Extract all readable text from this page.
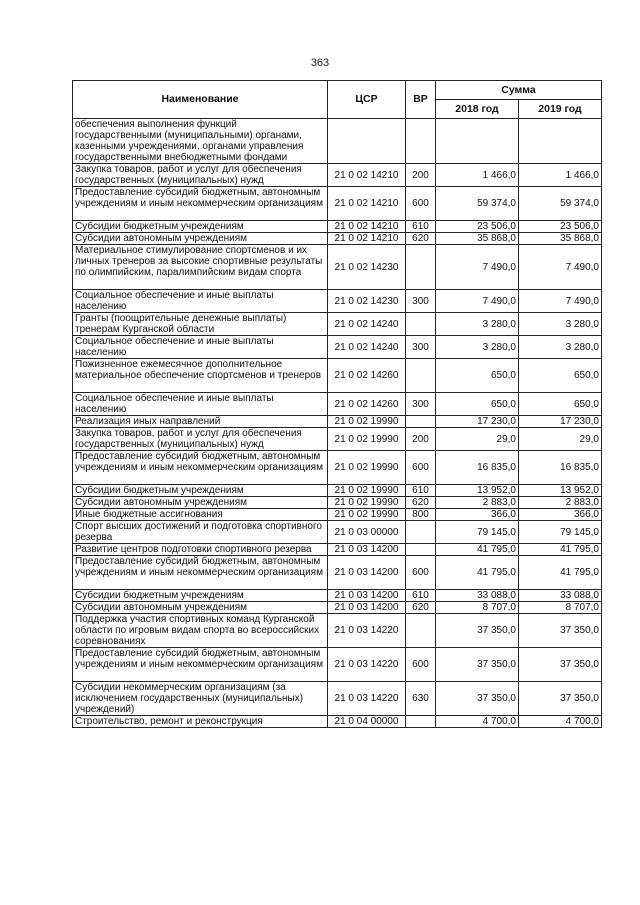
363
Наименование	ЦСР	ВР	Сумма	
			2018 год	2019 год
обеспечения выполнения функций государственными (муниципальными) органами, казенными учреждениями, органами управления государственными внебюджетными фондами				
Закупка товаров, работ и услуг для обеспечения государственных (муниципальных) нужд	21 0 02 14210	200	1 466,0	1 466,0
Предоставление субсидий бюджетным, автономным учреждениям и иным некоммерческим организациям	21 0 02 14210	600	59 374,0	59 374,0
Субсидии бюджетным учреждениям	21 0 02 14210	610	23 506,0	23 506,0
Субсидии автономным учреждениям	21 0 02 14210	620	35 868,0	35 868,0
Материальное стимулирование спортсменов и их личных тренеров за высокие спортивные результаты по олимпийским, паралимпийским видам спорта	21 0 02 14230		7 490,0	7 490,0
Социальное обеспечение и иные выплаты населению	21 0 02 14230	300	7 490,0	7 490,0
Гранты (поощрительные денежные выплаты) тренерам Курганской области	21 0 02 14240		3 280,0	3 280,0
Социальное обеспечение и иные выплаты населению	21 0 02 14240	300	3 280,0	3 280,0
Пожизненное ежемесячное дополнительное материальное обеспечение спортсменов и тренеров	21 0 02 14260		650,0	650,0
Социальное обеспечение и иные выплаты населению	21 0 02 14260	300	650,0	650,0
Реализация иных направлений	21 0 02 19990		17 230,0	17 230,0
Закупка товаров, работ и услуг для обеспечения государственных (муниципальных) нужд	21 0 02 19990	200	29,0	29,0
Предоставление субсидий бюджетным, автономным учреждениям и иным некоммерческим организациям	21 0 02 19990	600	16 835,0	16 835,0
Субсидии бюджетным учреждениям	21 0 02 19990	610	13 952,0	13 952,0
Субсидии автономным учреждениям	21 0 02 19990	620	2 883,0	2 883,0
Иные бюджетные ассигнования	21 0 02 19990	800	366,0	366,0
Спорт высших достижений и подготовка спортивного резерва	21 0 03 00000		79 145,0	79 145,0
Развитие центров подготовки спортивного резерва	21 0 03 14200		41 795,0	41 795,0
Предоставление субсидий бюджетным, автономным учреждениям и иным некоммерческим организациям	21 0 03 14200	600	41 795,0	41 795,0
Субсидии бюджетным учреждениям	21 0 03 14200	610	33 088,0	33 088,0
Субсидии автономным учреждениям	21 0 03 14200	620	8 707,0	8 707,0
Поддержка участия спортивных команд Курганской области по игровым видам спорта во всероссийских соревнованиях	21 0 03 14220		37 350,0	37 350,0
Предоставление субсидий бюджетным, автономным учреждениям и иным некоммерческим организациям	21 0 03 14220	600	37 350,0	37 350,0
Субсидии некоммерческим организациям (за исключением государственных (муниципальных) учреждений)	21 0 03 14220	630	37 350,0	37 350,0
Строительство, ремонт и реконструкция	21 0 04 00000		4 700,0	4 700,0
